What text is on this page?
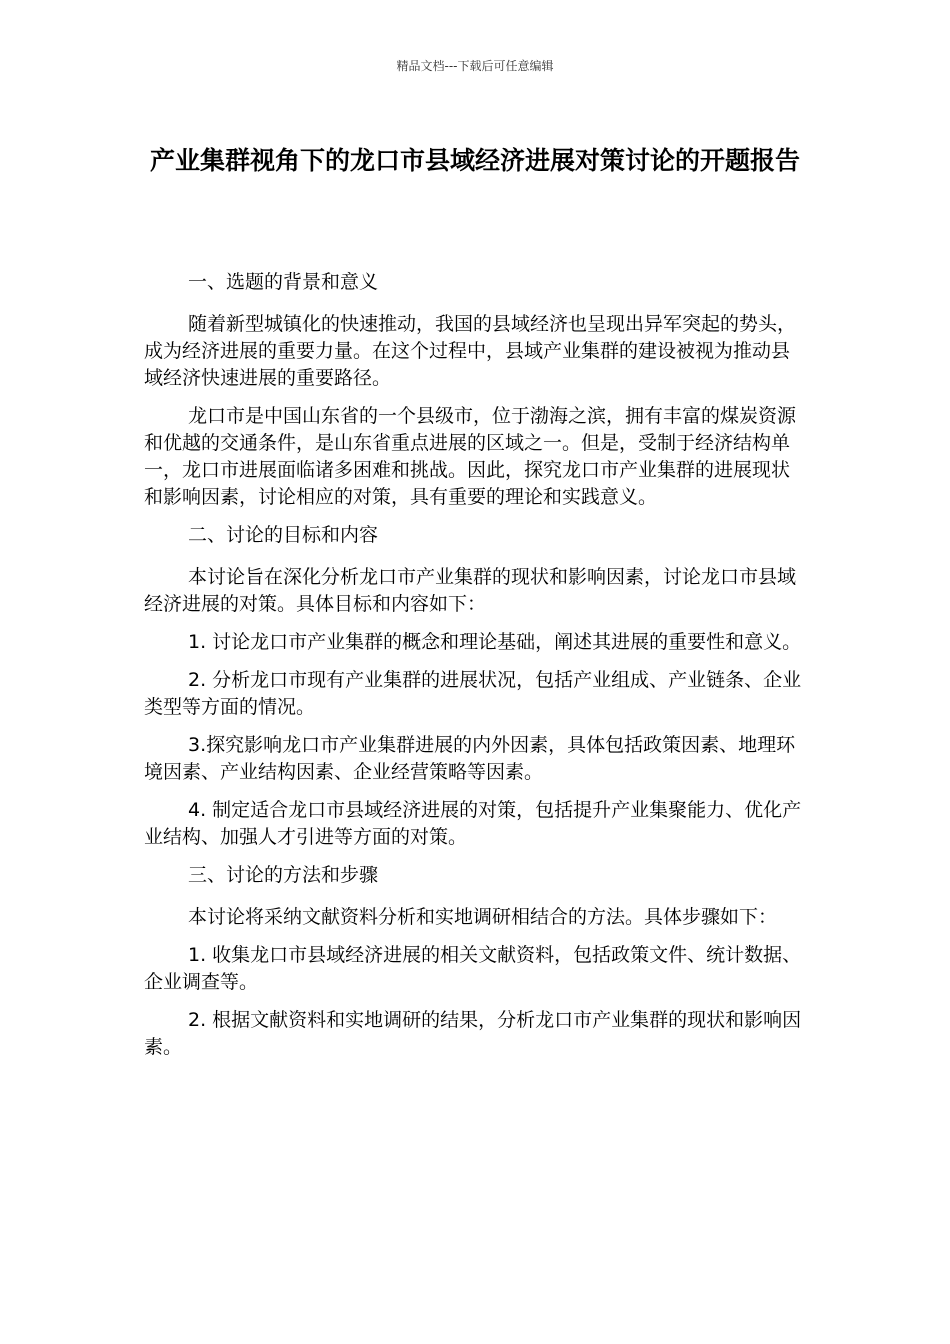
精品文档---下载后可任意编辑
产业集群视角下的龙口市县域经济进展对策讨论的开题报告

一、选题的背景和意义

随着新型城镇化的快速推动，我国的县域经济也呈现出异军突起的势头，成为经济进展的重要力量。在这个过程中，县域产业集群的建设被视为推动县域经济快速进展的重要路径。

龙口市是中国山东省的一个县级市，位于渤海之滨，拥有丰富的煤炭资源和优越的交通条件，是山东省重点进展的区域之一。但是，受制于经济结构单一，龙口市进展面临诸多困难和挑战。因此，探究龙口市产业集群的进展现状和影响因素，讨论相应的对策，具有重要的理论和实践意义。

二、讨论的目标和内容

本讨论旨在深化分析龙口市产业集群的现状和影响因素，讨论龙口市县域经济进展的对策。具体目标和内容如下：

1. 讨论龙口市产业集群的概念和理论基础，阐述其进展的重要性和意义。

2. 分析龙口市现有产业集群的进展状况，包括产业组成、产业链条、企业类型等方面的情况。

3.探究影响龙口市产业集群进展的内外因素，具体包括政策因素、地理环境因素、产业结构因素、企业经营策略等因素。

4. 制定适合龙口市县域经济进展的对策，包括提升产业集聚能力、优化产业结构、加强人才引进等方面的对策。

三、讨论的方法和步骤

本讨论将采纳文献资料分析和实地调研相结合的方法。具体步骤如下：

1. 收集龙口市县域经济进展的相关文献资料，包括政策文件、统计数据、企业调查等。

2. 根据文献资料和实地调研的结果，分析龙口市产业集群的现状和影响因素。
